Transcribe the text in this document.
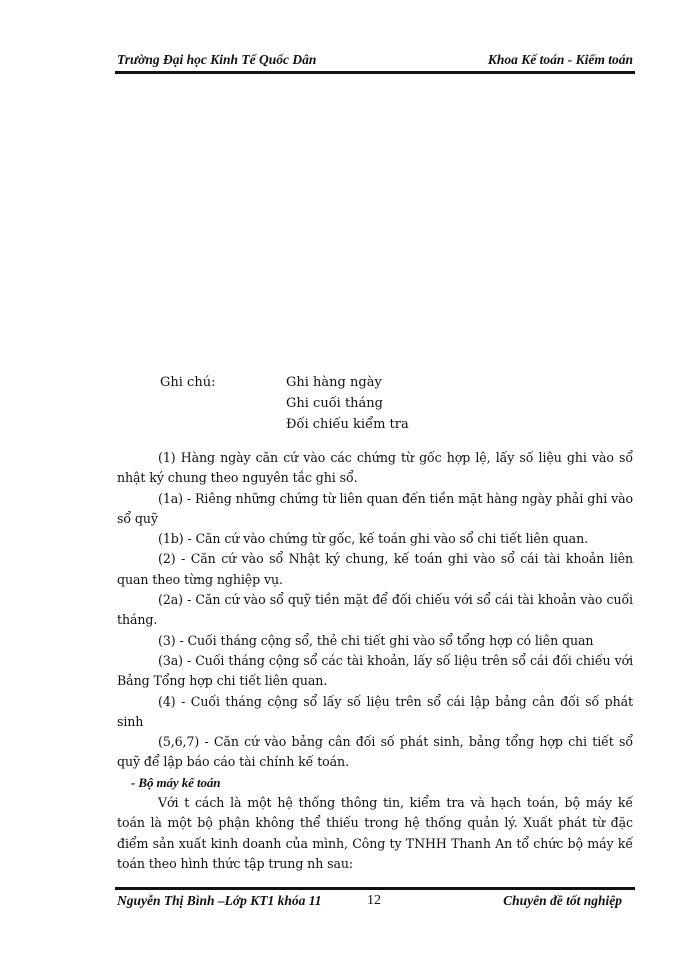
Trường Đại học Kinh Tế Quốc Dân	Khoa Kế toán - Kiểm toán
Ghi chú:	Ghi hàng ngày
Ghi cuối tháng
Đối chiếu kiểm tra

(1) Hàng ngày căn cứ vào các chứng từ gốc hợp lệ, lấy số liệu ghi vào sổ nhật ký chung theo nguyên tắc ghi sổ.

(1a) - Riêng những chứng từ liên quan đến tiền mặt hàng ngày phải ghi vào sổ quỹ

(1b) - Căn cứ vào chứng từ gốc, kế toán ghi vào sổ chi tiết liên quan.

(2) - Căn cứ vào sổ Nhật ký chung, kế toán ghi vào sổ cái tài khoản liên quan theo từng nghiệp vụ.

(2a) - Căn cứ vào sổ quỹ tiền mặt để đối chiếu với sổ cái tài khoản vào cuối tháng.

(3) - Cuối tháng cộng sổ, thẻ chi tiết ghi vào sổ tổng hợp có liên quan

(3a) - Cuối tháng cộng sổ các tài khoản, lấy số liệu trên sổ cái đối chiếu với Bảng Tổng hợp chi tiết liên quan.

(4) - Cuối tháng cộng sổ lấy số liệu trên sổ cái lập bảng cân đối số phát sinh

(5,6,7) - Căn cứ vào bảng cân đối số phát sinh, bảng tổng hợp chi tiết sổ quỹ để lập báo cáo tài chính kế toán.

- Bộ máy kế toán

Với t cách là một hệ thống thông tin, kiểm tra và hạch toán, bộ máy kế toán là một bộ phận không thể thiếu trong hệ thống quản lý. Xuất phát từ đặc điểm sản xuất kinh doanh của mình, Công ty TNHH Thanh An tổ chức bộ máy kế toán theo hình thức tập trung nh sau:

Nguyễn Thị Bình –Lớp KT1 khóa 11	12	Chuyên đề tốt nghiệp
